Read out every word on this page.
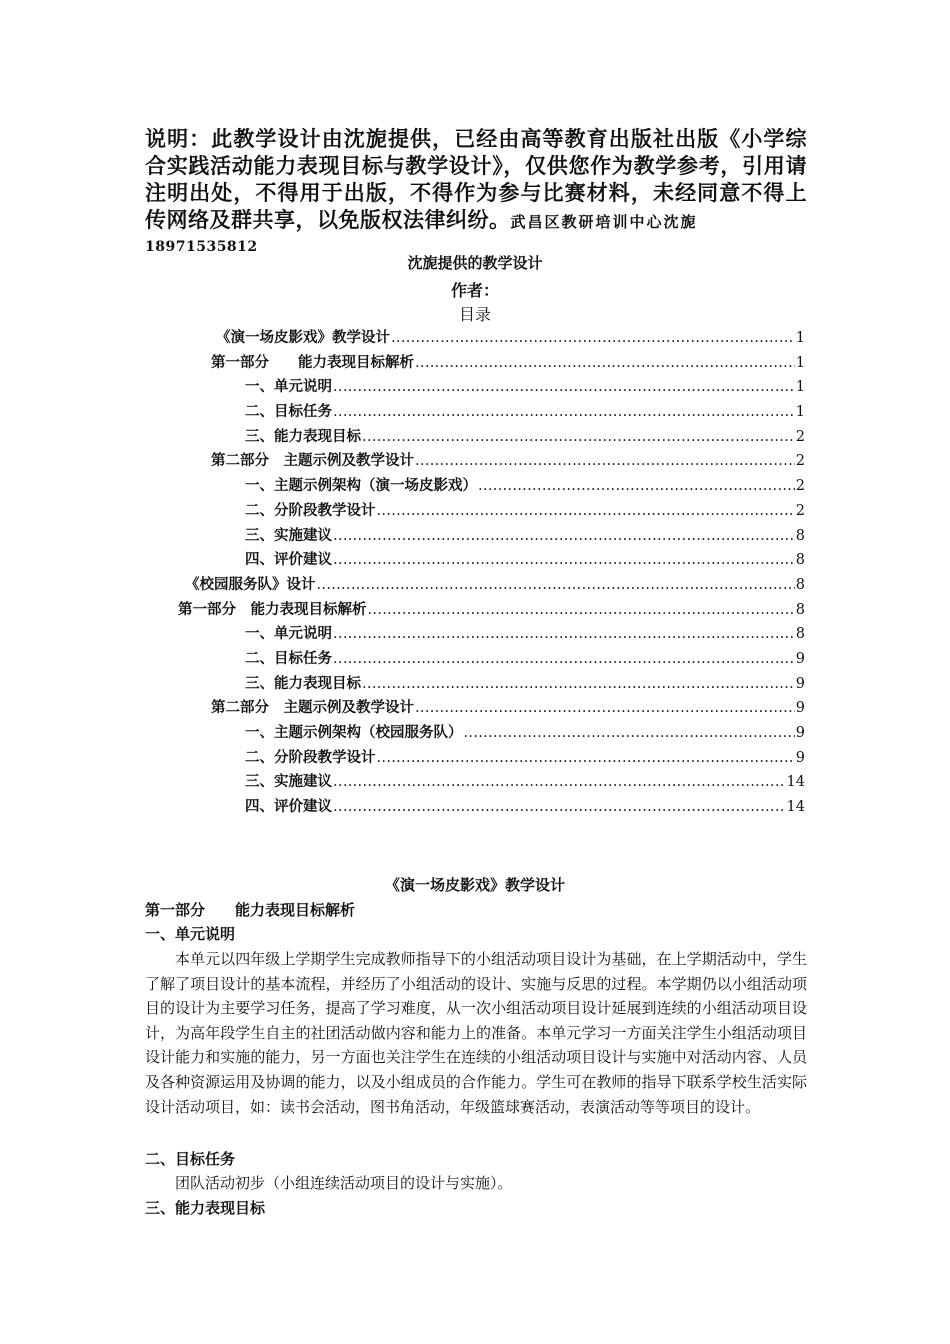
说明：此教学设计由沈旎提供，已经由高等教育出版社出版《小学综合实践活动能力表现目标与教学设计》，仅供您作为教学参考，引用请注明出处，不得用于出版，不得作为参与比赛材料，未经同意不得上传网络及群共享，以免版权法律纠纷。武昌区教研培训中心沈旎
18971535812
沈旎提供的教学设计
作者：
目录
《演一场皮影戏》教学设计 .....	1
第一部分　　能力表现目标解析 .....	1
一、单元说明 .....	1
二、目标任务 .....	1
三、能力表现目标 .....	2
第二部分　主题示例及教学设计 .....	2
一、主题示例架构（演一场皮影戏） .....	2
二、分阶段教学设计 .....	2
三、实施建议 .....	8
四、评价建议 .....	8
《校园服务队》设计 .....	8
第一部分　能力表现目标解析 .....	8
一、单元说明 .....	8
二、目标任务 .....	9
三、能力表现目标 .....	9
第二部分　主题示例及教学设计 .....	9
一、主题示例架构（校园服务队） .....	9
二、分阶段教学设计 .....	9
三、实施建议 .....	14
四、评价建议 .....	14
《演一场皮影戏》教学设计
第一部分　　能力表现目标解析
一、单元说明

本单元以四年级上学期学生完成教师指导下的小组活动项目设计为基础，在上学期活动中，学生了解了项目设计的基本流程，并经历了小组活动的设计、实施与反思的过程。本学期仍以小组活动项目的设计为主要学习任务，提高了学习难度，从一次小组活动项目设计延展到连续的小组活动项目设计，为高年段学生自主的社团活动做内容和能力上的准备。本单元学习一方面关注学生小组活动项目设计能力和实施的能力，另一方面也关注学生在连续的小组活动项目设计与实施中对活动内容、人员及各种资源运用及协调的能力，以及小组成员的合作能力。学生可在教师的指导下联系学校生活实际设计活动项目，如：读书会活动，图书角活动，年级篮球赛活动，表演活动等等项目的设计。

二、目标任务
团队活动初步（小组连续活动项目的设计与实施）。
三、能力表现目标
